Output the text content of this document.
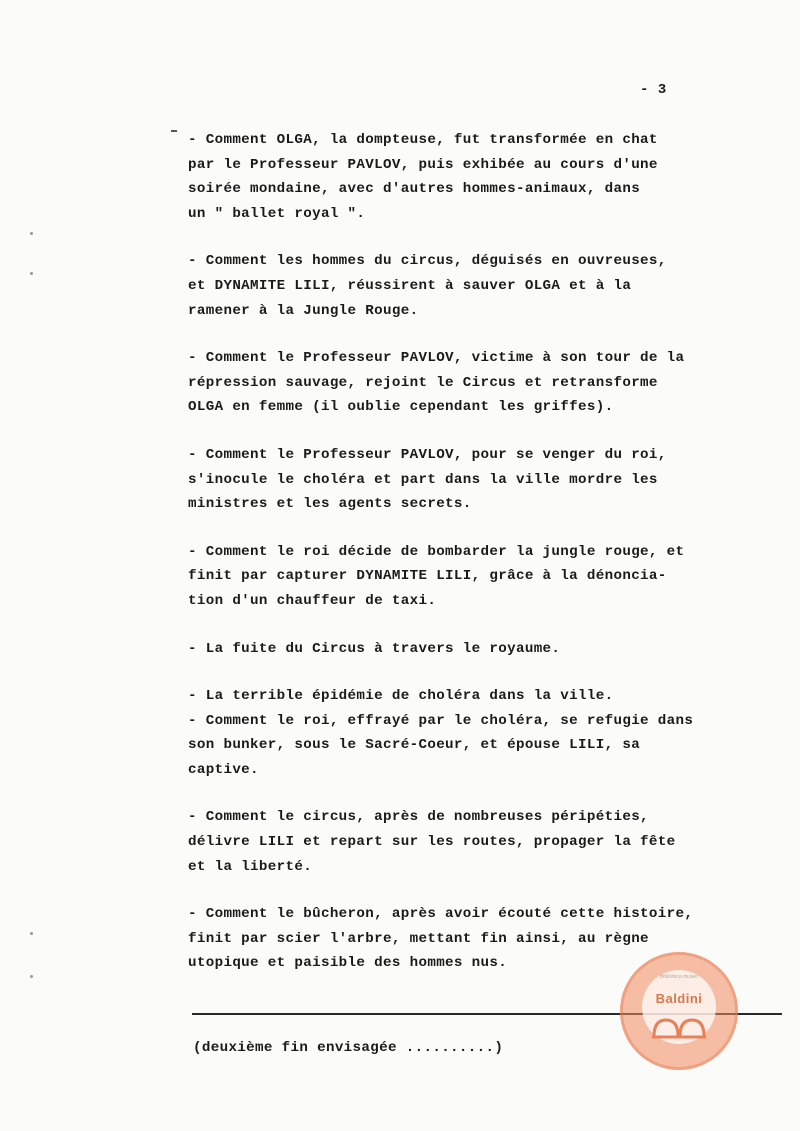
- 3
- Comment OLGA, la dompteuse, fut transformée en chat
par le Professeur PAVLOV, puis exhibée au cours d'une
soirée mondaine, avec d'autres hommes-animaux, dans
un " ballet royal ".
- Comment les hommes du circus, déguisés en ouvreuses,
et DYNAMITE LILI, réussirent à sauver OLGA et à la
ramener à la Jungle Rouge.
- Comment le Professeur PAVLOV, victime à son tour de la
répression sauvage, rejoint le Circus et retransforme
OLGA en femme (il oublie cependant les griffes).
- Comment le Professeur PAVLOV, pour se venger du roi,
s'inocule le choléra et part dans la ville mordre les
ministres et les agents secrets.
- Comment le roi décide de bombarder la jungle rouge, et
finit par capturer DYNAMITE LILI, grâce à la dénoncia-
tion d'un chauffeur de taxi.
- La fuite du Circus à travers le royaume.
- La terrible épidémie de choléra dans la ville.
- Comment le roi, effrayé par le choléra, se refugie dans
son bunker, sous le Sacré-Coeur, et épouse LILI, sa
captive.
- Comment le circus, après de nombreuses péripéties,
délivre LILI et repart sur les routes, propager la fête
et la liberté.
- Comment le bûcheron, après avoir écouté cette histoire,
finit par scier l'arbre, mettant fin ainsi, au règne
utopique et paisible des hommes nus.
(deuxième fin envisagée ..........)
Biblioteca museo
Baldini
